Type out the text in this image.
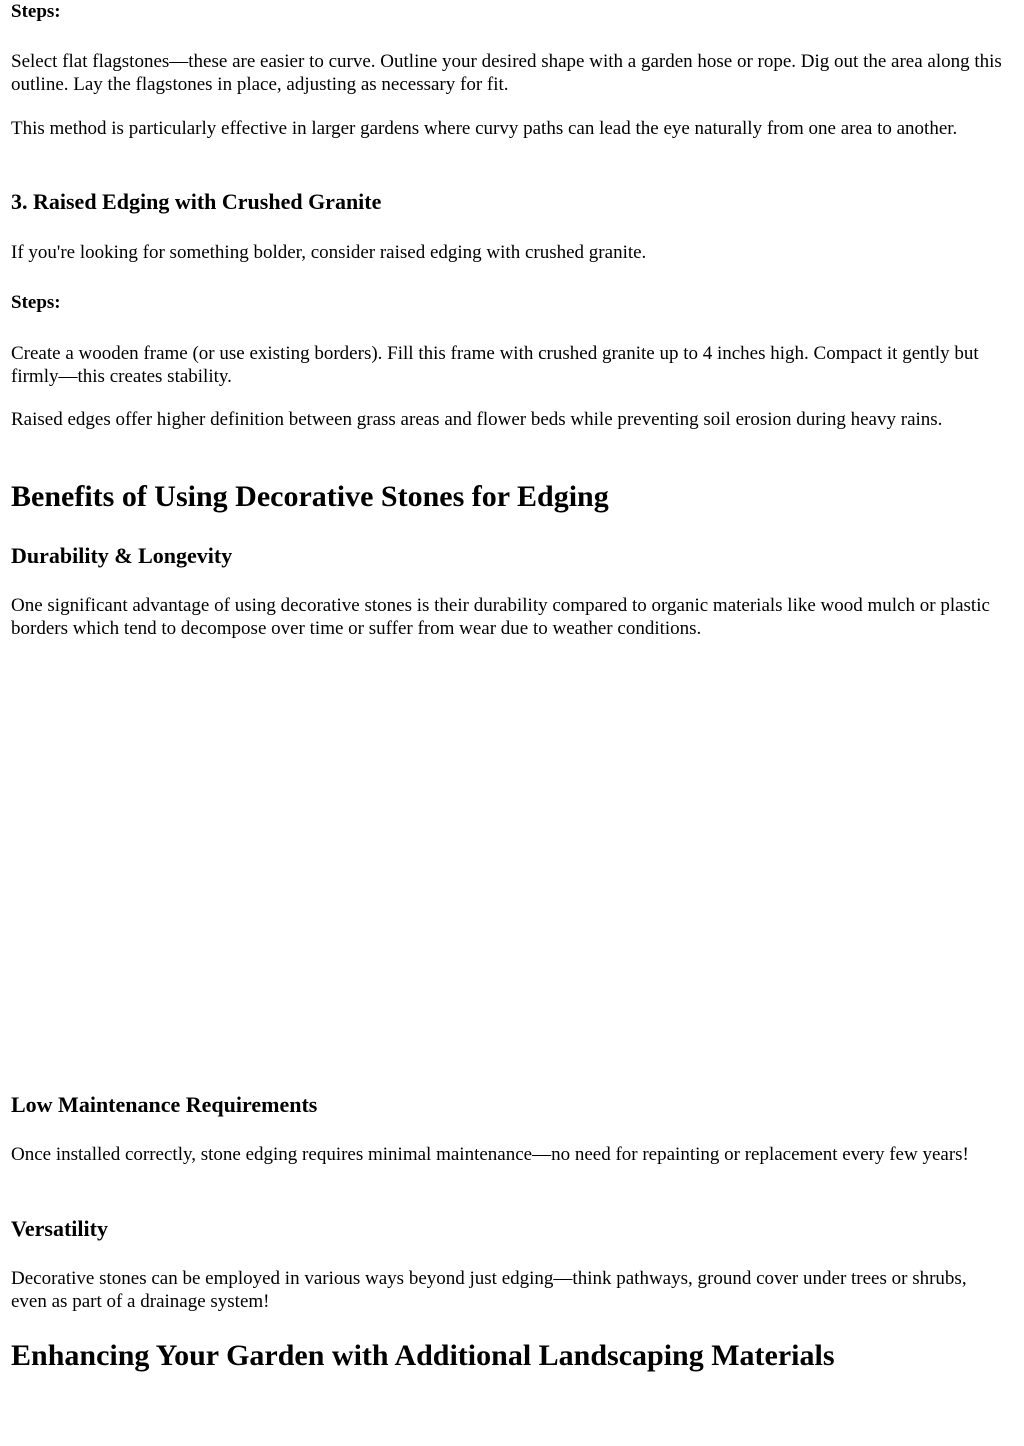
Steps:

Select flat flagstones—these are easier to curve. Outline your desired shape with a garden hose or rope. Dig out the area along this outline. Lay the flagstones in place, adjusting as necessary for fit.

This method is particularly effective in larger gardens where curvy paths can lead the eye naturally from one area to another.

3. Raised Edging with Crushed Granite

If you're looking for something bolder, consider raised edging with crushed granite.

Steps:

Create a wooden frame (or use existing borders). Fill this frame with crushed granite up to 4 inches high. Compact it gently but firmly—this creates stability.

Raised edges offer higher definition between grass areas and flower beds while preventing soil erosion during heavy rains.

Benefits of Using Decorative Stones for Edging
Durability & Longevity

One significant advantage of using decorative stones is their durability compared to organic materials like wood mulch or plastic borders which tend to decompose over time or suffer from wear due to weather conditions.

Low Maintenance Requirements

Once installed correctly, stone edging requires minimal maintenance—no need for repainting or replacement every few years!

Versatility

Decorative stones can be employed in various ways beyond just edging—think pathways, ground cover under trees or shrubs, even as part of a drainage system!

Enhancing Your Garden with Additional Landscaping Materials
